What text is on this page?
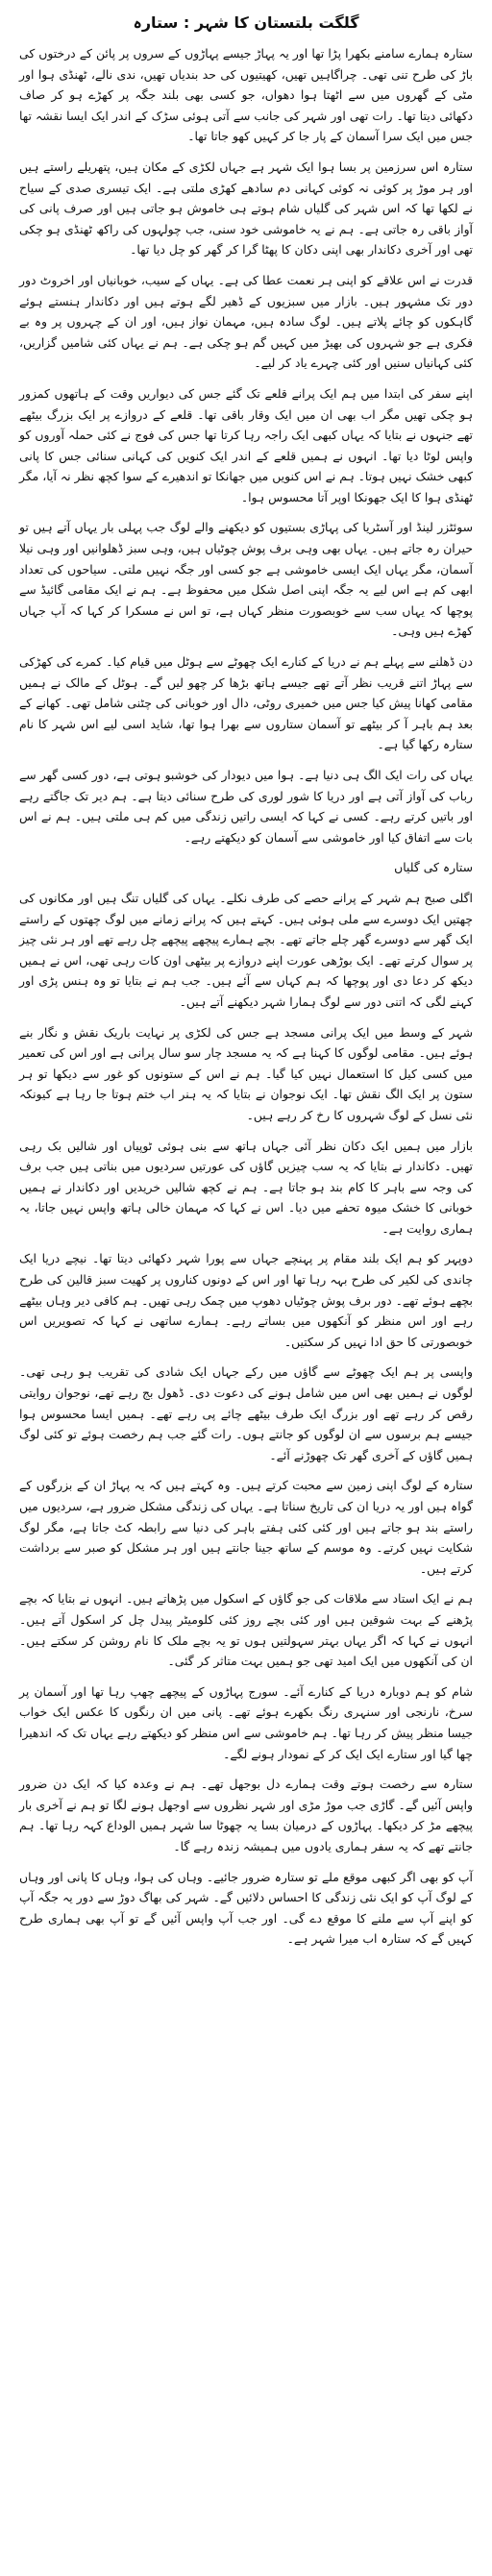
گلگت بلتستان کا شہر : ستارہ

ستارہ ہمارے سامنے بکھرا پڑا تھا اور یہ پہاڑ جیسے پہاڑوں کے سروں پر پائن کے درختوں کی باڑ کی طرح تنی تھی۔ چراگاہیں تھیں، کھیتیوں کی حد بندیاں تھیں، ندی نالے، ٹھنڈی ہوا اور مٹی کے گھروں میں سے اٹھتا ہوا دھواں، جو کسی بھی بلند جگہ پر کھڑے ہو کر صاف دکھائی دیتا تھا۔ رات تھی اور شہر کی جانب سے آتی ہوئی سڑک کے اندر ایک ایسا نقشہ تھا جس میں ایک سرا آسمان کے پار جا کر کہیں کھو جاتا تھا۔

ستارہ اس سرزمین پر بسا ہوا ایک شہر ہے جہاں لکڑی کے مکان ہیں، پتھریلے راستے ہیں اور ہر موڑ پر کوئی نہ کوئی کہانی دم سادھے کھڑی ملتی ہے۔ ایک تیسری صدی کے سیاح نے لکھا تھا کہ اس شہر کی گلیاں شام ہوتے ہی خاموش ہو جاتی ہیں اور صرف پانی کی آواز باقی رہ جاتی ہے۔ ہم نے یہ خاموشی خود سنی، جب چولہوں کی راکھ ٹھنڈی ہو چکی تھی اور آخری دکاندار بھی اپنی دکان کا پھٹا گرا کر گھر کو چل دیا تھا۔

قدرت نے اس علاقے کو اپنی ہر نعمت عطا کی ہے۔ یہاں کے سیب، خوبانیاں اور اخروٹ دور دور تک مشہور ہیں۔ بازار میں سبزیوں کے ڈھیر لگے ہوتے ہیں اور دکاندار ہنستے ہوئے گاہکوں کو چائے پلاتے ہیں۔ لوگ سادہ ہیں، مہمان نواز ہیں، اور ان کے چہروں پر وہ بے فکری ہے جو شہروں کی بھیڑ میں کہیں گم ہو چکی ہے۔ ہم نے یہاں کئی شامیں گزاریں، کئی کہانیاں سنیں اور کئی چہرے یاد کر لیے۔

اپنے سفر کی ابتدا میں ہم ایک پرانے قلعے تک گئے جس کی دیواریں وقت کے ہاتھوں کمزور ہو چکی تھیں مگر اب بھی ان میں ایک وقار باقی تھا۔ قلعے کے دروازے پر ایک بزرگ بیٹھے تھے جنہوں نے بتایا کہ یہاں کبھی ایک راجہ رہا کرتا تھا جس کی فوج نے کئی حملہ آوروں کو واپس لوٹا دیا تھا۔ انہوں نے ہمیں قلعے کے اندر ایک کنویں کی کہانی سنائی جس کا پانی کبھی خشک نہیں ہوتا۔ ہم نے اس کنویں میں جھانکا تو اندھیرے کے سوا کچھ نظر نہ آیا، مگر ٹھنڈی ہوا کا ایک جھونکا اوپر آتا محسوس ہوا۔

سوئٹزر لینڈ اور آسٹریا کی پہاڑی بستیوں کو دیکھنے والے لوگ جب پہلی بار یہاں آتے ہیں تو حیران رہ جاتے ہیں۔ یہاں بھی وہی برف پوش چوٹیاں ہیں، وہی سبز ڈھلوانیں اور وہی نیلا آسمان، مگر یہاں ایک ایسی خاموشی ہے جو کسی اور جگہ نہیں ملتی۔ سیاحوں کی تعداد ابھی کم ہے اس لیے یہ جگہ اپنی اصل شکل میں محفوظ ہے۔ ہم نے ایک مقامی گائیڈ سے پوچھا کہ یہاں سب سے خوبصورت منظر کہاں ہے، تو اس نے مسکرا کر کہا کہ آپ جہاں کھڑے ہیں وہی۔

دن ڈھلنے سے پہلے ہم نے دریا کے کنارے ایک چھوٹے سے ہوٹل میں قیام کیا۔ کمرے کی کھڑکی سے پہاڑ اتنے قریب نظر آتے تھے جیسے ہاتھ بڑھا کر چھو لیں گے۔ ہوٹل کے مالک نے ہمیں مقامی کھانا پیش کیا جس میں خمیری روٹی، دال اور خوبانی کی چٹنی شامل تھی۔ کھانے کے بعد ہم باہر آ کر بیٹھے تو آسمان ستاروں سے بھرا ہوا تھا، شاید اسی لیے اس شہر کا نام ستارہ رکھا گیا ہے۔

یہاں کی رات ایک الگ ہی دنیا ہے۔ ہوا میں دیودار کی خوشبو ہوتی ہے، دور کسی گھر سے رباب کی آواز آتی ہے اور دریا کا شور لوری کی طرح سنائی دیتا ہے۔ ہم دیر تک جاگتے رہے اور باتیں کرتے رہے۔ کسی نے کہا کہ ایسی راتیں زندگی میں کم ہی ملتی ہیں۔ ہم نے اس بات سے اتفاق کیا اور خاموشی سے آسمان کو دیکھتے رہے۔

ستارہ کی گلیاں

اگلی صبح ہم شہر کے پرانے حصے کی طرف نکلے۔ یہاں کی گلیاں تنگ ہیں اور مکانوں کی چھتیں ایک دوسرے سے ملی ہوئی ہیں۔ کہتے ہیں کہ پرانے زمانے میں لوگ چھتوں کے راستے ایک گھر سے دوسرے گھر چلے جاتے تھے۔ بچے ہمارے پیچھے پیچھے چل رہے تھے اور ہر نئی چیز پر سوال کرتے تھے۔ ایک بوڑھی عورت اپنے دروازے پر بیٹھی اون کات رہی تھی، اس نے ہمیں دیکھ کر دعا دی اور پوچھا کہ ہم کہاں سے آئے ہیں۔ جب ہم نے بتایا تو وہ ہنس پڑی اور کہنے لگی کہ اتنی دور سے لوگ ہمارا شہر دیکھنے آتے ہیں۔

شہر کے وسط میں ایک پرانی مسجد ہے جس کی لکڑی پر نہایت باریک نقش و نگار بنے ہوئے ہیں۔ مقامی لوگوں کا کہنا ہے کہ یہ مسجد چار سو سال پرانی ہے اور اس کی تعمیر میں کسی کیل کا استعمال نہیں کیا گیا۔ ہم نے اس کے ستونوں کو غور سے دیکھا تو ہر ستون پر ایک الگ نقش تھا۔ ایک نوجوان نے بتایا کہ یہ ہنر اب ختم ہوتا جا رہا ہے کیونکہ نئی نسل کے لوگ شہروں کا رخ کر رہے ہیں۔

بازار میں ہمیں ایک دکان نظر آئی جہاں ہاتھ سے بنی ہوئی ٹوپیاں اور شالیں بک رہی تھیں۔ دکاندار نے بتایا کہ یہ سب چیزیں گاؤں کی عورتیں سردیوں میں بناتی ہیں جب برف کی وجہ سے باہر کا کام بند ہو جاتا ہے۔ ہم نے کچھ شالیں خریدیں اور دکاندار نے ہمیں خوبانی کا خشک میوہ تحفے میں دیا۔ اس نے کہا کہ مہمان خالی ہاتھ واپس نہیں جاتا، یہ ہماری روایت ہے۔

دوپہر کو ہم ایک بلند مقام پر پہنچے جہاں سے پورا شہر دکھائی دیتا تھا۔ نیچے دریا ایک چاندی کی لکیر کی طرح بہہ رہا تھا اور اس کے دونوں کناروں پر کھیت سبز قالین کی طرح بچھے ہوئے تھے۔ دور برف پوش چوٹیاں دھوپ میں چمک رہی تھیں۔ ہم کافی دیر وہاں بیٹھے رہے اور اس منظر کو آنکھوں میں بساتے رہے۔ ہمارے ساتھی نے کہا کہ تصویریں اس خوبصورتی کا حق ادا نہیں کر سکتیں۔

واپسی پر ہم ایک چھوٹے سے گاؤں میں رکے جہاں ایک شادی کی تقریب ہو رہی تھی۔ لوگوں نے ہمیں بھی اس میں شامل ہونے کی دعوت دی۔ ڈھول بج رہے تھے، نوجوان روایتی رقص کر رہے تھے اور بزرگ ایک طرف بیٹھے چائے پی رہے تھے۔ ہمیں ایسا محسوس ہوا جیسے ہم برسوں سے ان لوگوں کو جانتے ہوں۔ رات گئے جب ہم رخصت ہوئے تو کئی لوگ ہمیں گاؤں کے آخری گھر تک چھوڑنے آئے۔

ستارہ کے لوگ اپنی زمین سے محبت کرتے ہیں۔ وہ کہتے ہیں کہ یہ پہاڑ ان کے بزرگوں کے گواہ ہیں اور یہ دریا ان کی تاریخ سناتا ہے۔ یہاں کی زندگی مشکل ضرور ہے، سردیوں میں راستے بند ہو جاتے ہیں اور کئی کئی ہفتے باہر کی دنیا سے رابطہ کٹ جاتا ہے، مگر لوگ شکایت نہیں کرتے۔ وہ موسم کے ساتھ جینا جانتے ہیں اور ہر مشکل کو صبر سے برداشت کرتے ہیں۔

ہم نے ایک استاد سے ملاقات کی جو گاؤں کے اسکول میں پڑھاتے ہیں۔ انہوں نے بتایا کہ بچے پڑھنے کے بہت شوقین ہیں اور کئی بچے روز کئی کلومیٹر پیدل چل کر اسکول آتے ہیں۔ انہوں نے کہا کہ اگر یہاں بہتر سہولتیں ہوں تو یہ بچے ملک کا نام روشن کر سکتے ہیں۔ ان کی آنکھوں میں ایک امید تھی جو ہمیں بہت متاثر کر گئی۔

شام کو ہم دوبارہ دریا کے کنارے آئے۔ سورج پہاڑوں کے پیچھے چھپ رہا تھا اور آسمان پر سرخ، نارنجی اور سنہری رنگ بکھرے ہوئے تھے۔ پانی میں ان رنگوں کا عکس ایک خواب جیسا منظر پیش کر رہا تھا۔ ہم خاموشی سے اس منظر کو دیکھتے رہے یہاں تک کہ اندھیرا چھا گیا اور ستارے ایک ایک کر کے نمودار ہونے لگے۔

ستارہ سے رخصت ہوتے وقت ہمارے دل بوجھل تھے۔ ہم نے وعدہ کیا کہ ایک دن ضرور واپس آئیں گے۔ گاڑی جب موڑ مڑی اور شہر نظروں سے اوجھل ہونے لگا تو ہم نے آخری بار پیچھے مڑ کر دیکھا۔ پہاڑوں کے درمیان بسا یہ چھوٹا سا شہر ہمیں الوداع کہہ رہا تھا۔ ہم جانتے تھے کہ یہ سفر ہماری یادوں میں ہمیشہ زندہ رہے گا۔

آپ کو بھی اگر کبھی موقع ملے تو ستارہ ضرور جائیے۔ وہاں کی ہوا، وہاں کا پانی اور وہاں کے لوگ آپ کو ایک نئی زندگی کا احساس دلائیں گے۔ شہر کی بھاگ دوڑ سے دور یہ جگہ آپ کو اپنے آپ سے ملنے کا موقع دے گی۔ اور جب آپ واپس آئیں گے تو آپ بھی ہماری طرح کہیں گے کہ ستارہ اب میرا شہر ہے۔
